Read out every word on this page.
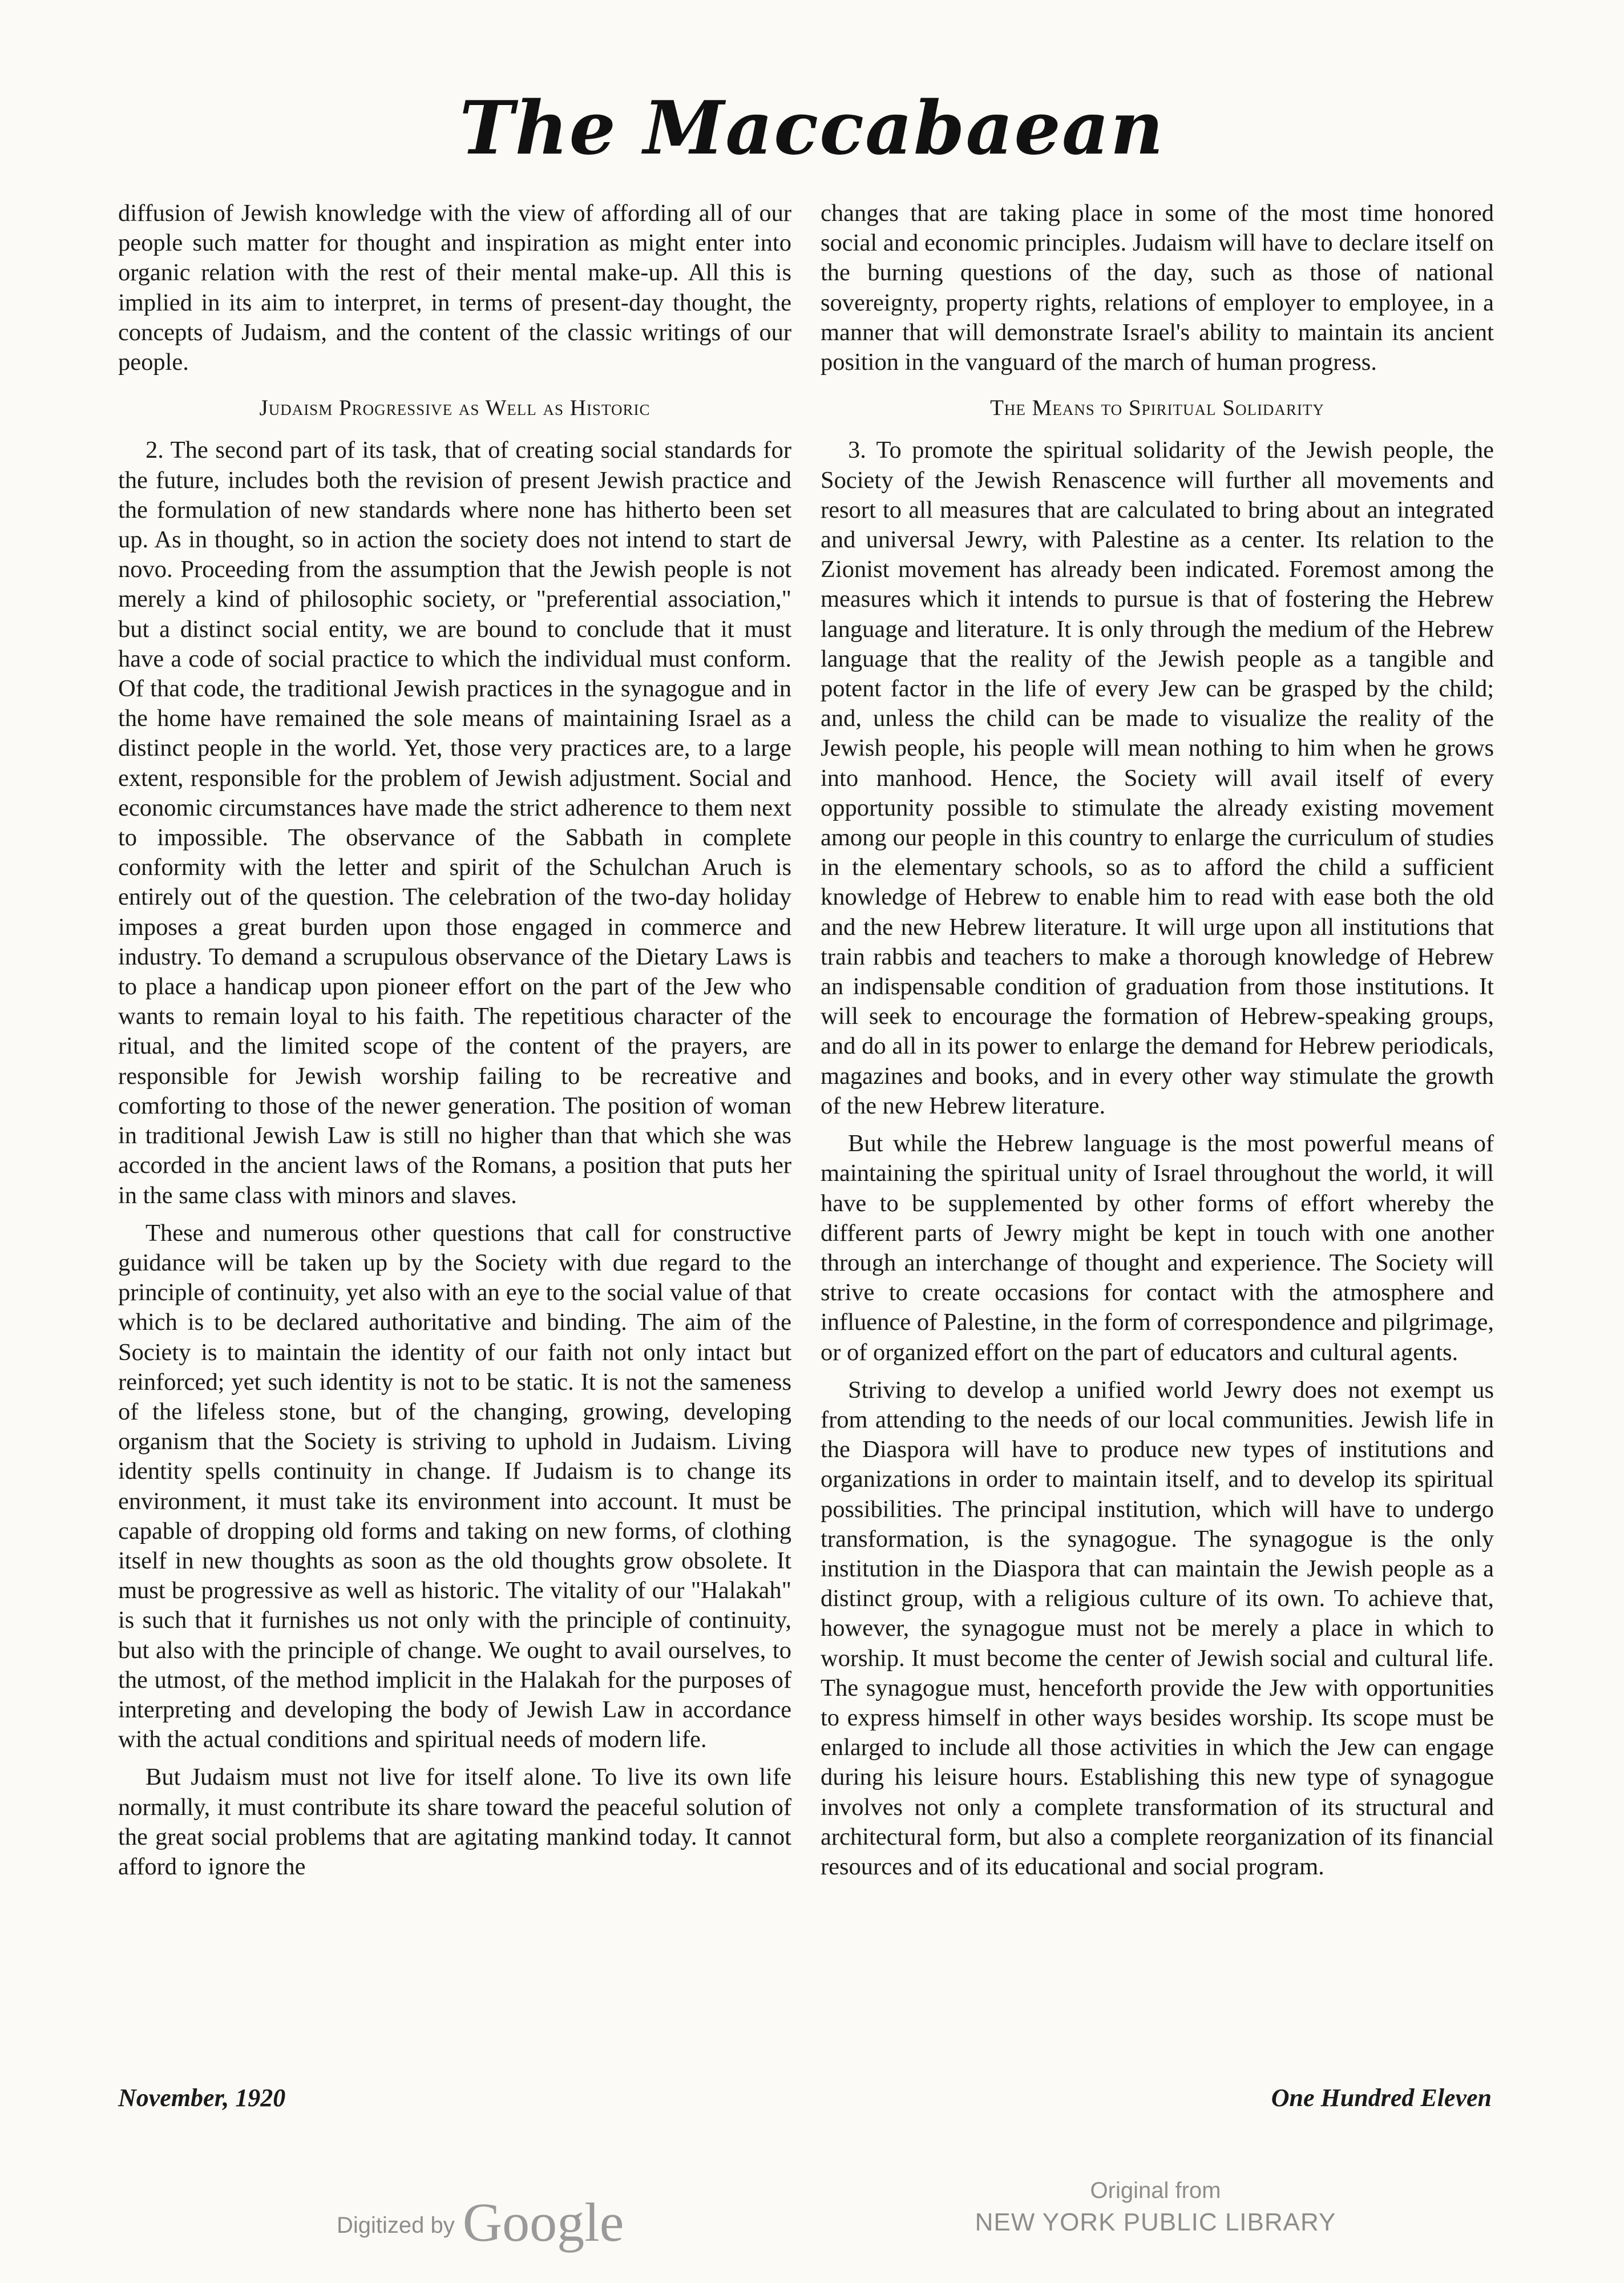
The Maccabaean

diffusion of Jewish knowledge with the view of affording all of our people such matter for thought and inspiration as might enter into organic relation with the rest of their mental make-up. All this is implied in its aim to interpret, in terms of present-day thought, the concepts of Judaism, and the content of the classic writings of our people.

Judaism Progressive as Well as Historic

2. The second part of its task, that of creating social standards for the future, includes both the revision of present Jewish practice and the formulation of new standards where none has hitherto been set up. As in thought, so in action the society does not intend to start de novo. Proceeding from the assumption that the Jewish people is not merely a kind of philosophic society, or "preferential association," but a distinct social entity, we are bound to conclude that it must have a code of social practice to which the individual must conform. Of that code, the traditional Jewish practices in the synagogue and in the home have remained the sole means of maintaining Israel as a distinct people in the world. Yet, those very practices are, to a large extent, responsible for the problem of Jewish adjustment. Social and economic circumstances have made the strict adherence to them next to impossible. The observance of the Sabbath in complete conformity with the letter and spirit of the Schulchan Aruch is entirely out of the question. The celebration of the two-day holiday imposes a great burden upon those engaged in commerce and industry. To demand a scrupulous observance of the Dietary Laws is to place a handicap upon pioneer effort on the part of the Jew who wants to remain loyal to his faith. The repetitious character of the ritual, and the limited scope of the content of the prayers, are responsible for Jewish worship failing to be recreative and comforting to those of the newer generation. The position of woman in traditional Jewish Law is still no higher than that which she was accorded in the ancient laws of the Romans, a position that puts her in the same class with minors and slaves.

These and numerous other questions that call for constructive guidance will be taken up by the Society with due regard to the principle of continuity, yet also with an eye to the social value of that which is to be declared authoritative and binding. The aim of the Society is to maintain the identity of our faith not only intact but reinforced; yet such identity is not to be static. It is not the sameness of the lifeless stone, but of the changing, growing, developing organism that the Society is striving to uphold in Judaism. Living identity spells continuity in change. If Judaism is to change its environment, it must take its environment into account. It must be capable of dropping old forms and taking on new forms, of clothing itself in new thoughts as soon as the old thoughts grow obsolete. It must be progressive as well as historic. The vitality of our "Halakah" is such that it furnishes us not only with the principle of continuity, but also with the principle of change. We ought to avail ourselves, to the utmost, of the method implicit in the Halakah for the purposes of interpreting and developing the body of Jewish Law in accordance with the actual conditions and spiritual needs of modern life.

But Judaism must not live for itself alone. To live its own life normally, it must contribute its share toward the peaceful solution of the great social problems that are agitating mankind today. It cannot afford to ignore the

changes that are taking place in some of the most time honored social and economic principles. Judaism will have to declare itself on the burning questions of the day, such as those of national sovereignty, property rights, relations of employer to employee, in a manner that will demonstrate Israel's ability to maintain its ancient position in the vanguard of the march of human progress.

The Means to Spiritual Solidarity

3. To promote the spiritual solidarity of the Jewish people, the Society of the Jewish Renascence will further all movements and resort to all measures that are calculated to bring about an integrated and universal Jewry, with Palestine as a center. Its relation to the Zionist movement has already been indicated. Foremost among the measures which it intends to pursue is that of fostering the Hebrew language and literature. It is only through the medium of the Hebrew language that the reality of the Jewish people as a tangible and potent factor in the life of every Jew can be grasped by the child; and, unless the child can be made to visualize the reality of the Jewish people, his people will mean nothing to him when he grows into manhood. Hence, the Society will avail itself of every opportunity possible to stimulate the already existing movement among our people in this country to enlarge the curriculum of studies in the elementary schools, so as to afford the child a sufficient knowledge of Hebrew to enable him to read with ease both the old and the new Hebrew literature. It will urge upon all institutions that train rabbis and teachers to make a thorough knowledge of Hebrew an indispensable condition of graduation from those institutions. It will seek to encourage the formation of Hebrew-speaking groups, and do all in its power to enlarge the demand for Hebrew periodicals, magazines and books, and in every other way stimulate the growth of the new Hebrew literature.

But while the Hebrew language is the most powerful means of maintaining the spiritual unity of Israel throughout the world, it will have to be supplemented by other forms of effort whereby the different parts of Jewry might be kept in touch with one another through an interchange of thought and experience. The Society will strive to create occasions for contact with the atmosphere and influence of Palestine, in the form of correspondence and pilgrimage, or of organized effort on the part of educators and cultural agents.

Striving to develop a unified world Jewry does not exempt us from attending to the needs of our local communities. Jewish life in the Diaspora will have to produce new types of institutions and organizations in order to maintain itself, and to develop its spiritual possibilities. The principal institution, which will have to undergo transformation, is the synagogue. The synagogue is the only institution in the Diaspora that can maintain the Jewish people as a distinct group, with a religious culture of its own. To achieve that, however, the synagogue must not be merely a place in which to worship. It must become the center of Jewish social and cultural life. The synagogue must, henceforth provide the Jew with opportunities to express himself in other ways besides worship. Its scope must be enlarged to include all those activities in which the Jew can engage during his leisure hours. Establishing this new type of synagogue involves not only a complete transformation of its structural and architectural form, but also a complete reorganization of its financial resources and of its educational and social program.

November, 1920	One Hundred Eleven
Digitized by Google
Original from
NEW YORK PUBLIC LIBRARY
